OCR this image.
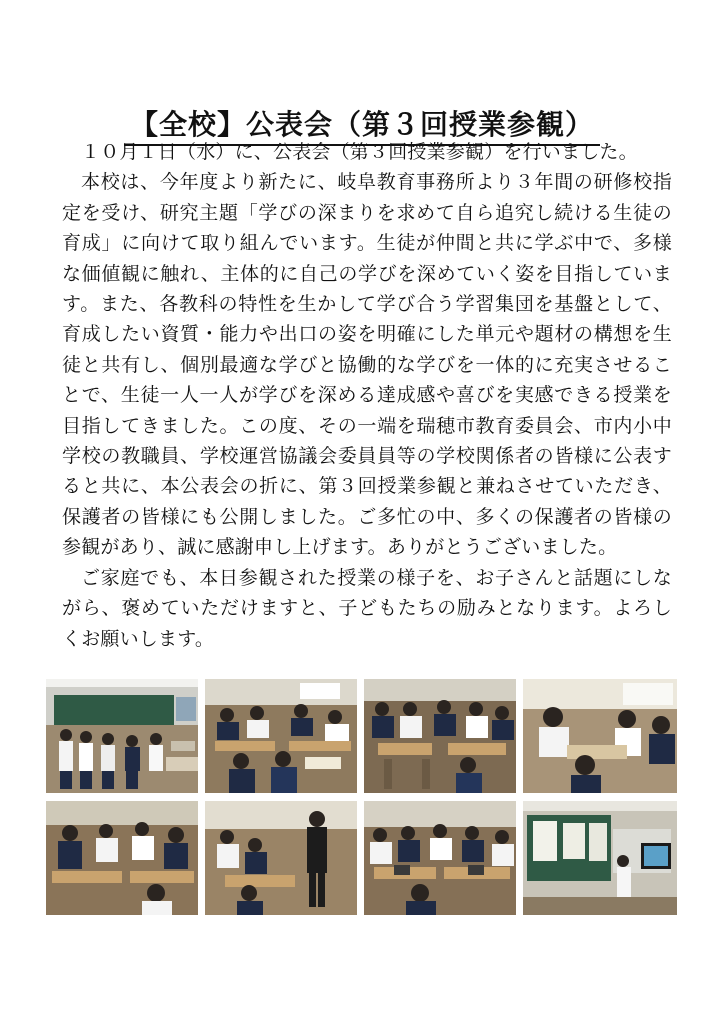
【全校】公表会（第３回授業参観）

１０月１日（水）に、公表会（第３回授業参観）を行いました。

本校は、今年度より新たに、岐阜教育事務所より３年間の研修校指定を受け、研究主題「学びの深まりを求めて自ら追究し続ける生徒の育成」に向けて取り組んでいます。生徒が仲間と共に学ぶ中で、多様な価値観に触れ、主体的に自己の学びを深めていく姿を目指しています。また、各教科の特性を生かして学び合う学習集団を基盤として、育成したい資質・能力や出口の姿を明確にした単元や題材の構想を生徒と共有し、個別最適な学びと協働的な学びを一体的に充実させることで、生徒一人一人が学びを深める達成感や喜びを実感できる授業を目指してきました。この度、その一端を瑞穂市教育委員会、市内小中学校の教職員、学校運営協議会委員員等の学校関係者の皆様に公表すると共に、本公表会の折に、第３回授業参観と兼ねさせていただき、保護者の皆様にも公開しました。ご多忙の中、多くの保護者の皆様の参観があり、誠に感謝申し上げます。ありがとうございました。

ご家庭でも、本日参観された授業の様子を、お子さんと話題にしながら、褒めていただけますと、子どもたちの励みとなります。よろしくお願いします。
